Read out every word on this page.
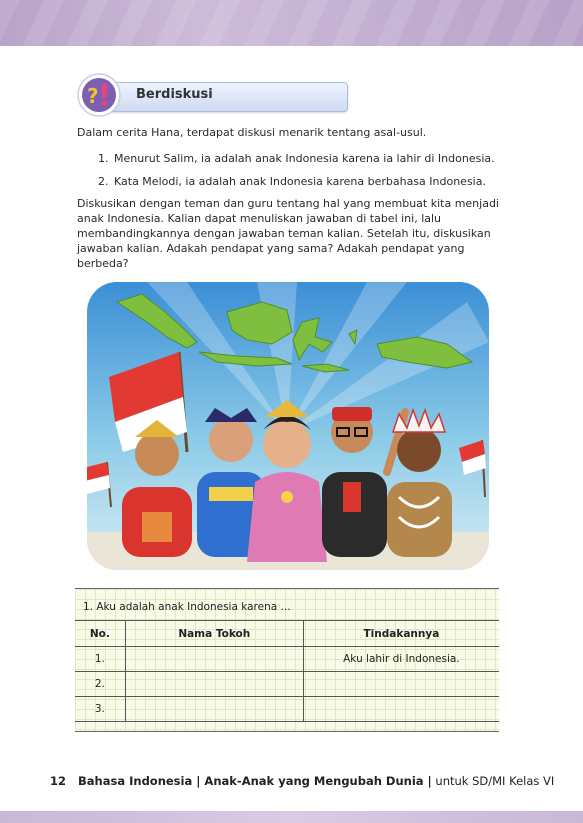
?	Berdiskusi
Dalam cerita Hana, terdapat diskusi menarik tentang asal-usul.
1. Menurut Salim, ia adalah anak Indonesia karena ia lahir di Indonesia.
2. Kata Melodi, ia adalah anak Indonesia karena berbahasa Indonesia.
Diskusikan dengan teman dan guru tentang hal yang membuat kita menjadi anak Indonesia. Kalian dapat menuliskan jawaban di tabel ini, lalu membandingkannya dengan jawaban teman kalian. Setelah itu, diskusikan jawaban kalian. Adakah pendapat yang sama? Adakah pendapat yang berbeda?
1. Aku adalah anak Indonesia karena ...
No.	Nama Tokoh	Tindakannya
1.		Aku lahir di Indonesia.
2.		
3.		
12 Bahasa Indonesia | Anak-Anak yang Mengubah Dunia | untuk SD/MI Kelas VI
